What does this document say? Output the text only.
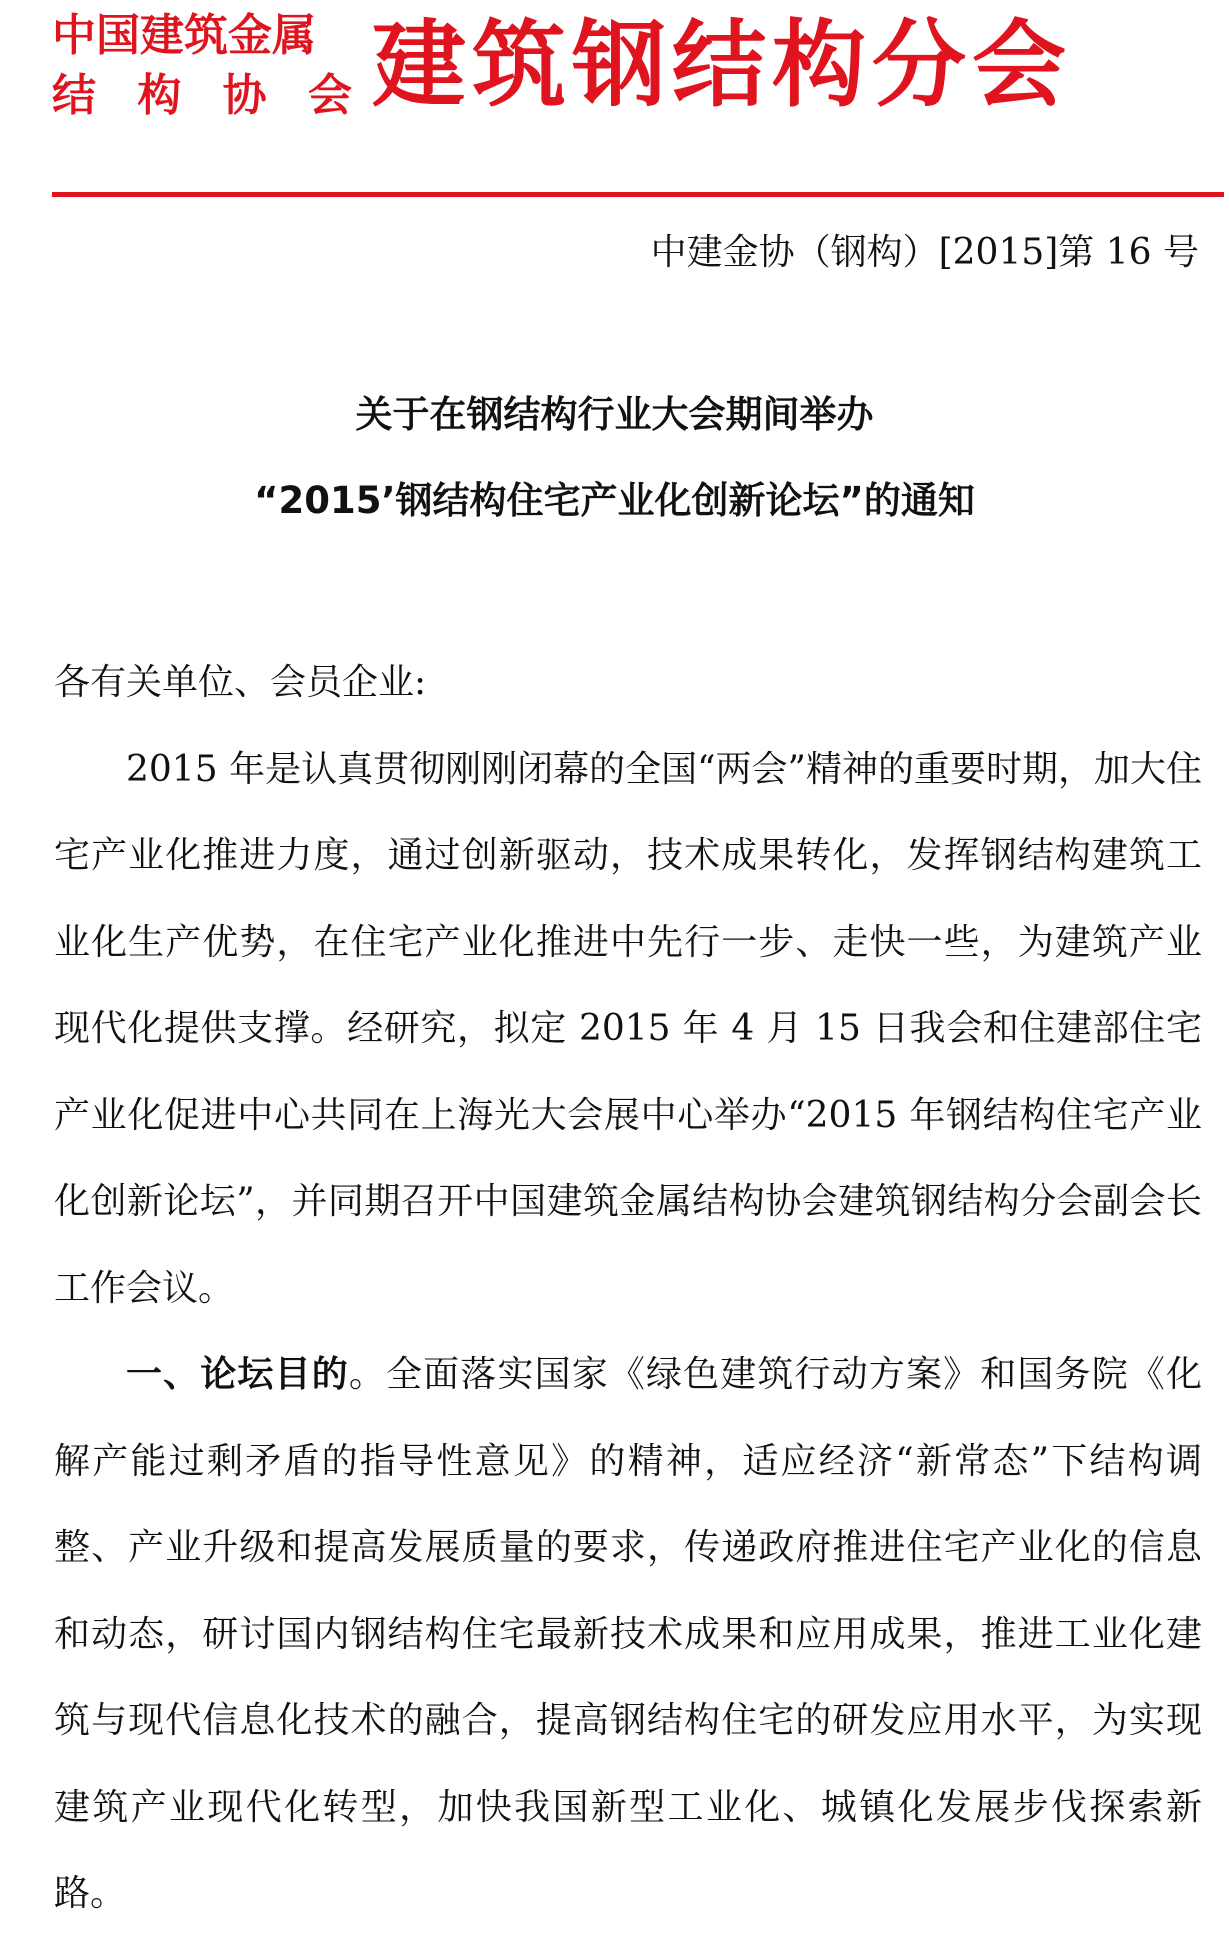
中国建筑金属
结 构 协 会 建筑钢结构分会
中建金协（钢构）[2015]第 16 号
关于在钢结构行业大会期间举办
“2015’钢结构住宅产业化创新论坛”的通知

各有关单位、会员企业:

2015 年是认真贯彻刚刚闭幕的全国“两会”精神的重要时期，加大住宅产业化推进力度，通过创新驱动，技术成果转化，发挥钢结构建筑工业化生产优势，在住宅产业化推进中先行一步、走快一些，为建筑产业现代化提供支撑。经研究，拟定 2015 年 4 月 15 日我会和住建部住宅产业化促进中心共同在上海光大会展中心举办“2015 年钢结构住宅产业化创新论坛”，并同期召开中国建筑金属结构协会建筑钢结构分会副会长工作会议。

一、论坛目的。全面落实国家《绿色建筑行动方案》和国务院《化解产能过剩矛盾的指导性意见》的精神，适应经济“新常态”下结构调整、产业升级和提高发展质量的要求，传递政府推进住宅产业化的信息和动态，研讨国内钢结构住宅最新技术成果和应用成果，推进工业化建筑与现代信息化技术的融合，提高钢结构住宅的研发应用水平，为实现建筑产业现代化转型，加快我国新型工业化、城镇化发展步伐探索新路。
